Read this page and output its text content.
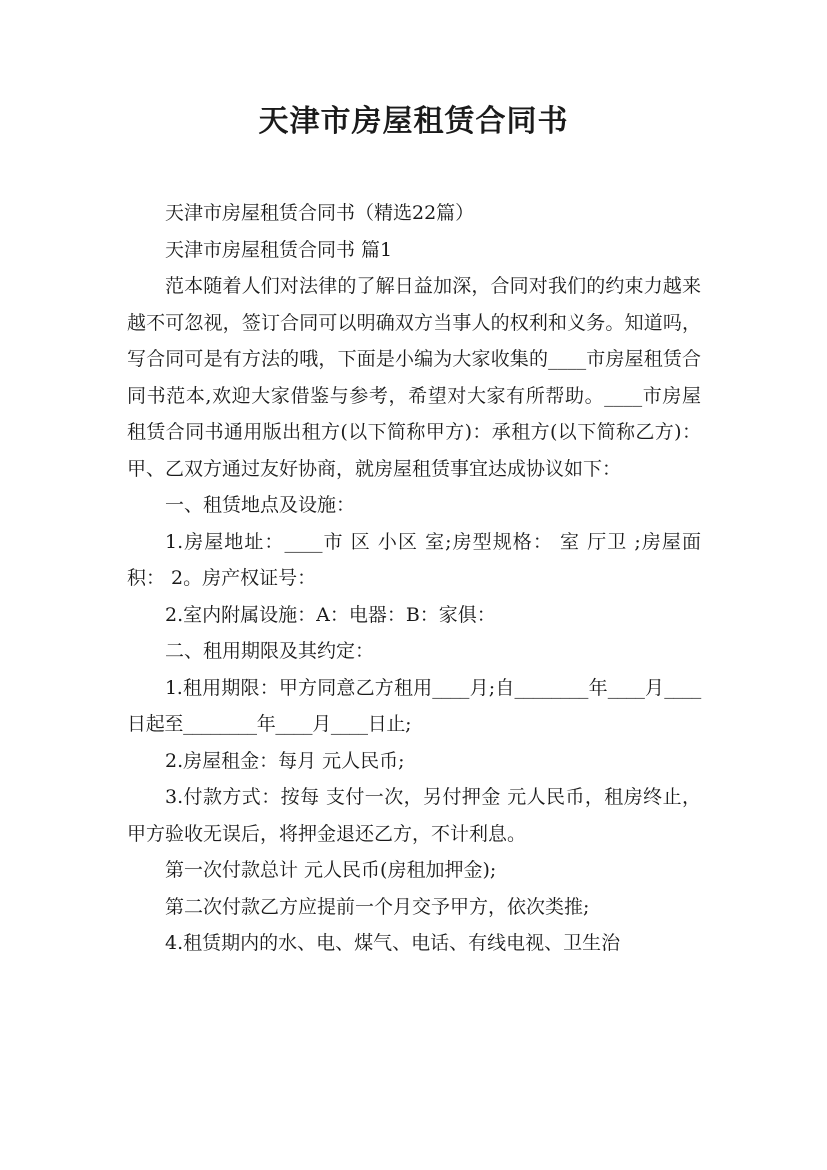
天津市房屋租赁合同书

天津市房屋租赁合同书（精选22篇）

天津市房屋租赁合同书 篇1

范本随着人们对法律的了解日益加深，合同对我们的约束力越来越不可忽视，签订合同可以明确双方当事人的权利和义务。知道吗，写合同可是有方法的哦，下面是小编为大家收集的____市房屋租赁合同书范本,欢迎大家借鉴与参考，希望对大家有所帮助。____市房屋租赁合同书通用版出租方(以下简称甲方)：承租方(以下简称乙方)：甲、乙双方通过友好协商，就房屋租赁事宜达成协议如下：

一、租赁地点及设施：

1.房屋地址：____市 区 小区 室;房型规格： 室 厅卫 ;房屋面积： 2。房产权证号：

2.室内附属设施：A：电器：B：家俱：

二、租用期限及其约定：

1.租用期限：甲方同意乙方租用____月;自________年____月____日起至________年____月____日止;

2.房屋租金：每月 元人民币;

3.付款方式：按每 支付一次，另付押金 元人民币，租房终止，甲方验收无误后，将押金退还乙方，不计利息。

第一次付款总计 元人民币(房租加押金);

第二次付款乙方应提前一个月交予甲方，依次类推;

4.租赁期内的水、电、煤气、电话、有线电视、卫生治
